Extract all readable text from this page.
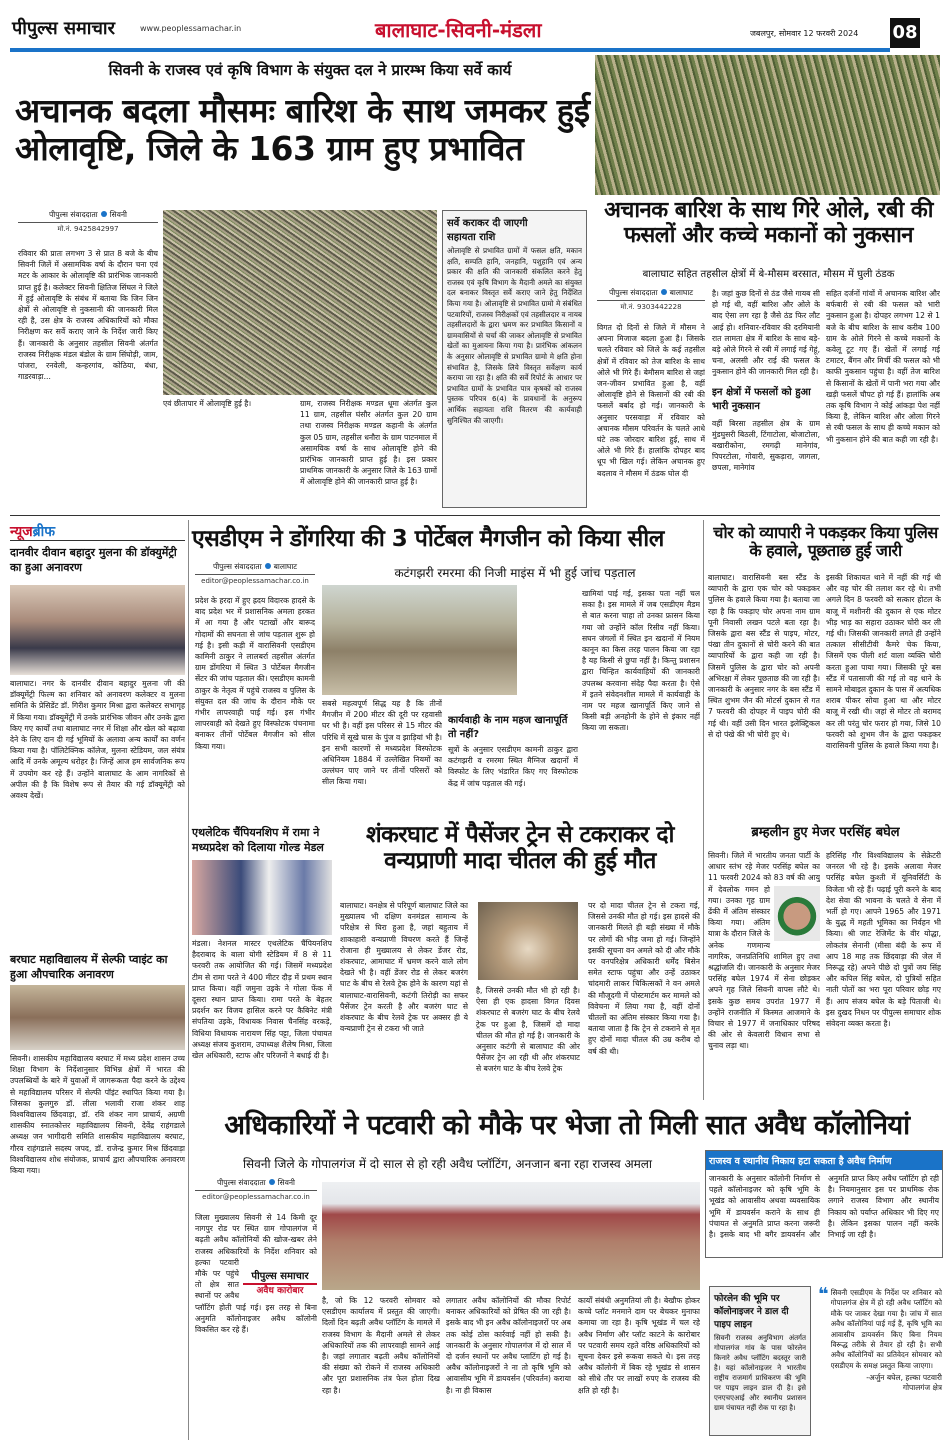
पीपुल्स समाचार	www.peoplessamachar.in	बालाघाट-सिवनी-मंडला	जबलपुर, सोमवार 12 फरवरी 2024 08
सिवनी के राजस्व एवं कृषि विभाग के संयुक्त दल ने प्रारम्भ किया सर्वे कार्य
अचानक बदला मौसमः बारिश के साथ जमकर हुई ओलावृष्टि, जिले के 163 ग्राम हुए प्रभावित
पीपुल्स संवाददाता सिवनी
मो.नं. 9425842997
रविवार की प्रातः लगभग 3 से प्रात 8 बजे के बीच सिवनी जिलें में असामयिक वर्षा के दौरान चना एवं मटर के आकार के ओलावृष्टि की प्रारंभिक जानकारी प्राप्त हुई है। कलेक्टर सिवनी क्षितिज सिंघल ने जिले में हुई ओलावृष्टि के संबंध में बताया कि जिन जिन क्षेत्रों से ओलावृष्टि से नुकसानी की जानकारी मिल रही है, उस क्षेत्र के राजस्व अधिकारियों को मौका निरीक्षण कर सर्वे कराए जाने के निर्देश जारी किए हैं। जानकारी के अनुसार तहसील सिवनी अंतर्गत राजस्व निरीक्षक मंडल बंडोल के ग्राम सिंघोड़ी, जाम, पांजरा, रनवेली, कन्हरगांव, कोठिया, बंधा, गाडरवाड़ा...
एवं छीतापार में ओलावृष्टि हुई है।	ग्राम, राजस्व निरीक्षक मण्डल धूमा अंतर्गत कुल 11 ग्राम, तहसील घंसौर अंतर्गत कुल 20 ग्राम तथा राजस्व निरीक्षक मण्डल कहानी के अंतर्गत कुल 05 ग्राम, तहसील धनौरा के ग्राम पाटनमाल में असामयिक वर्षा के साथ ओलावृष्टि होने की प्रारंभिक जानकारी प्राप्त हुई है। इस प्रकार प्राथमिक जानकारी के अनुसार जिले के 163 ग्रामों में ओलावृष्टि होने की जानकारी प्राप्त हुई है।
सर्वे कराकर दी जाएगी सहायता राशि
ओलावृष्टि से प्रभावित ग्रामों में फसल क्षति, मकान क्षति, सम्पति हानि, जनहानि, पशुहानि एवं अन्य प्रकार की क्षति की जानकारी संकलित करने हेतु राजस्व एवं कृषि विभाग के मैदानी अमले का संयुक्त दल बनाकर विस्तृत सर्वे कराए जाने हेतु निर्देशित किया गया है। ओलावृष्टि से प्रभावित ग्रामो मे संबंधित पटवारियों, राजस्व निरीक्षकों एवं तहसीलदार व नायब तहसीलदारों के द्वारा भ्रमण कर प्रभावित किसानों व ग्रामवासियों से चर्चा की जाकर ओलावृष्टि से प्रभावित खेतों का मुआयना किया गया है। प्रारंभिक आंकलन के अनुसार ओलावृष्टि से प्रभावित ग्रामो मे क्षति होना संभावित है, जिसके लिये विस्तृत सर्वेक्षण कार्य कराया जा रहा है। क्षति की सर्वे रिपोर्ट के आधार पर प्रभावित ग्रामों के प्रभावित पात्र कृषकों को राजस्व पुस्तक परिपत्र 6(4) के प्रावधानों के अनुरूप आर्थिक सहायता राशि वितरण की कार्यवाही सुनिश्चित की जाएगी।
अचानक बारिश के साथ गिरे ओले, रबी की फसलों और कच्चे मकानों को नुकसान
बालाघाट सहित तहसील क्षेत्रों में बे-मौसम बरसात, मौसम में घुली ठंडक
पीपुल्स संवाददाता बालाघाट
मो.नं. 9303442228
विगत दो दिनों से जिले में मौसम ने अपना मिजाज बदला हुआ है। जिसके चलते रविवार को जिले के कई तहसील क्षेत्रों में रविवार को तेज बारिश के साथ ओले भी गिरे हैं। बेमौसम बारिश से जहां जन-जीवन प्रभावित हुआ है, वहीं ओलावृष्टि होने से किसानों की रबी की फसलें बर्बाद हो गई। जानकारी के अनुसार परसवाड़ा में रविवार को अचानक मौसम परिवर्तन के चलते आधे घंटे तक जोरदार बारिश हुई, साथ में ओले भी गिरे हैं। हालांकि दोपहर बाद धूप भी खिल गई। लेकिन अचानक हुए बदलाव ने मौसम में ठंडक घोल दी
है। जहां कुछ दिनों से ठंड जैसे गायब सी हो गई थी, वहीं बारिश और ओले के बाद ऐसा लग रहा है जैसे ठंड फिर लौट आई हो। शनिवार-रविवार की दरमियानी रात लामता क्षेत्र में बारिश के साथ बड़े-बड़े ओले गिरने से रबी में लगाई गई गेहूं, चना, अलसी और राई की फसल के नुकसान होने की जानकारी मिल रही है।
इन क्षेत्रों में फसलों को हुआ भारी नुकसान
वहीं बिरसा तहसील क्षेत्र के ग्राम मुंडघुसरी बिठली, टिंगाटोला, बोजाटोला, बखारीकोना, रमगढ़ी मानेगांव, पिपरटोला, गोवारी, सुकड़ारा, जागला, छपला, मानेगांव
सहित दर्जनों गांवों में अचानक बारिश और बर्फबारी से रबी की फसल को भारी नुकसान हुआ है। दोपहर लगभग 12 से 1 बजे के बीच बारिश के साथ करीब 100 ग्राम के ओले गिरने से कच्चे मकानों के कवेलू टूट गए हैं। खेतों में लगाई गई टमाटर, बैंगन और मिर्ची की फसल को भी काफी नुकसान पहुंचा है। वहीं तेज बारिश से किसानों के खेतों में पानी भरा गया और खड़ी फसलें चौपट हो गई हैं। हालांकि अब तक कृषि विभाग ने कोई आंकड़ा पेश नहीं किया है, लेकिन बारिश और ओला गिरने से रबी फसल के साथ ही कच्चे मकान को भी नुकसान होने की बात कही जा रही है।
न्यूजब्रीफ
दानवीर दीवान बहादुर मुलना की डॉक्युमेंट्री का हुआ अनावरण
बालाघाट। नगर के दानवीर दीवान बहादुर मुलना जी की डॉक्यूमेंट्री फिल्म का शनिवार को अनावरण कलेक्टर व मुलना समिति के प्रेसिडेंट डॉ. गिरीश कुमार मिश्रा द्वारा कलेक्टर सभागृह में किया गया। डॉक्यूमेंट्री में उनके प्रारंभिक जीवन और उनके द्वारा किए गए कार्यों तथा बालाघाट नगर में शिक्षा और खेल को बढ़ावा देने के लिए दान दी गई भूमियों के अलावा अन्य कार्यों का वर्णन किया गया है। पॉलिटेक्निक कॉलेज, मुलना स्टेडियम, जल संयंत्र आदि में उनके अमूल्य धरोहर है। जिन्हें आज हम सार्वजनिक रूप में उपयोग कर रहे हैं। उन्होंने बालाघाट के आम नागरिकों से अपील की है कि विशेष रूप से तैयार की गई डॉक्यूमेंट्री को अवश्य देखें।
बरघाट महाविद्यालय में सेल्फी प्वाइंट का हुआ औपचारिक अनावरण
सिवनी। शासकीय महाविद्यालय बरघाट में मध्य प्रदेश शासन उच्च शिक्षा विभाग के निर्देशानुसार विभिन्न क्षेत्रों में भारत की उपलब्धियों के बारे में युवाओं में जागरूकता पैदा करने के उद्देश्य से महाविद्यालय परिसर में सेल्फी पॉइंट स्थापित किया गया है। जिसका कुलगुरु डॉ. लीला भलावी राजा शंकर शाह विश्वविद्यालय छिंदवाड़ा, डॉ. रवि शंकर नाग प्राचार्य, अग्रणी शासकीय स्नातकोत्तर महाविद्यालय सिवनी, देवेंद्र राहंगडाले अध्यक्ष जन भागीदारी समिति शासकीय महाविद्यालय बरघाट, गौरव राहंगडाले सदस्य जपद, डॉ. राजेन्द्र कुमार मिश्र छिंदवाड़ा विश्वविद्यालय शोध संयोजक, प्राचार्य द्वारा औपचारिक अनावरण किया गया।
एसडीएम ने डोंगरिया की 3 पोर्टेबल मैगजीन को किया सील
पीपुल्स संवाददाता बालाघाट
editor@peoplessamachar.co.in
कटंगझरी रमरमा की निजी माइंस में भी हुई जांच पड़ताल
प्रदेश के हरदा में हुए ह्रदय विदारक हादसे के बाद प्रदेश भर में प्रशासनिक अमला हरकत में आ गया है और पटाखों और बारूद गोदामों की सघनता से जांच पड़ताल शुरू हो गई है। इसी कड़ी में वारासिवनी एसडीएम कामिनी ठाकुर ने लालबर्रा तहसील अंतर्गत ग्राम डोंगरिया में स्थित 3 पोर्टेबल मैगजीन सेंटर की जांच पड़ताल की। एसडीएम कामनी ठाकुर के नेतृत्व में पहुंचे राजस्व व पुलिस के संयुक्त दल की जांच के दौरान मौके पर गंभीर लापरवाही पाई गई। इस गंभीर लापरवाही को देखते हुए विस्फोटक पंचनामा बनाकर तीनों पोर्टेबल मैगजीन को सील किया गया।
सबसे महत्वपूर्ण सिद्ध यह है कि तीनों मैगजीन में 200 मीटर की दूरी पर रहवासी घर भी है। वहीं इस परिसर से 15 मीटर की परिधि में सूखे घास के पुंज व झाड़ियां भी है। इन सभी कारणों से मध्यप्रदेश विस्फोटक अधिनियम 1884 में उल्लेखित नियमों का उल्लंघन पाए जाने पर तीनों परिसरों को सील किया गया।
कार्यवाही के नाम महज खानापूर्ति तो नहीं?
सूत्रों के अनुसार एसडीएम कामनी ठाकुर द्वारा कटंगझरी व रमरमा स्थित मैग्निज खदानों में विस्फोट के लिए भंडारित किए गए विस्फोटक केंद्र में जांच पड़ताल की गई।
खामियां पाई गई, इसका पता नहीं चल सका है। इस मामले में जब एसडीएम मैडम से बात करना चाहा तो उनका फ्रासन किया गया जो उन्होंने कॉल रिसीव नहीं किया। सघन जंगलों में स्थित इन खदानों में नियम कानून का किस तरह पालन किया जा रहा है यह किसी से छुपा नहीं है। किन्तु प्रशासन द्वारा चिन्हित कार्यवाहियों की जानकारी उपलब्ध करवाना संदेह पैदा करता है। ऐसे में इतने संवेदनशील मामले में कार्यवाही के नाम पर महज खानापूर्ति किए जाने से किसी बड़ी अनहोनी के होने से इंकार नहीं किया जा सकता।
एथलेटिक चैंपियनशिप में रामा ने मध्यप्रदेश को दिलाया गोल्ड मेडल
मंडला। नेशनल मास्टर एथलेटिक चैंपियनशिप हैदराबाद के बाला योगी स्टेडियम में 8 से 11 फरवरी तक आयोजित की गई। जिसमें मध्यप्रदेश टीम से रामा परते ने 400 मीटर दौड़ में प्रथम स्थान प्राप्त किया। वहीं जमुना उइके ने गोला फेंक में दूसरा स्थान प्राप्त किया। रामा परते के बेहतर प्रदर्शन कर विजय हासिल करने पर कैबिनेट मंत्री संपतिया उइके, विधायक निवास चैनसिंह वरकड़े, विधिया विधायक नारायण सिंह पट्टा, जिला पंचायत अध्यक्ष संजय कुशराम, उपाध्यक्ष शैलेष मिश्रा, जिला खेल अधिकारी, स्टाफ और परिजनों ने बधाई दी है।
शंकरघाट में पैसेंजर ट्रेन से टकराकर दो वन्यप्राणी मादा चीतल की हुई मौत
बालाघाट। वनक्षेत्र से परिपूर्ण बालाघाट जिले का मुख्यालय भी दक्षिण वनमंडल सामान्य के परिक्षेत्र से घिरा हुआ है, जहां बहुताय में शाकाहारी वन्यप्राणी विचरण करते हैं जिन्हें रोजाना ही मुख्यालय से लेकर डेंजर रोड, शंकरघाट, आमाघाट में भ्रमण करने वाले लोग देखते भी है। वहीं डेंजर रोड से लेकर बजरंग घाट के बीच से रेलवे ट्रेक होने के कारण यहां से बालाघाट-वारासिवनी, कटंगी तिरोड़ी का सफर पैसेंजर ट्रेन करती है और बजरंग घाट से शंकरघाट के बीच रेलवे ट्रेक पर अक्सर ही ये वन्यप्राणी ट्रेन से टकरा भी जाते
है, जिससे उनकी मौत भी हो रही है। ऐसा ही एक हादसा विगत दिवस शंकरघाट से बजरंग घाट के बीच रेलवे ट्रेक पर हुआ है, जिसमें दो मादा चीतल की मौत हो गई है। जानकारी के अनुसार कटंगी से बालाघाट की ओर पैसेंजर ट्रेन आ रही थी और शंकरघाट से बजरंग घाट के बीच रेलवे ट्रेक
पर दो मादा चीतल ट्रेन से टकरा गई, जिससे उनकी मौत हो गई। इस हादसे की जानकारी मिलते ही बड़ी संख्या में मौके पर लोगों की भीड़ जमा हो गई। जिन्होंने इसकी सूचना वन अमले को दी और मौके पर वनपरिक्षेत्र अधिकारी धर्मेंद बिसेन समेत स्टाफ पहुंचा और उन्हें उठाकर चांदमारी लाकर चिकित्सकों ने वन अमले की मौजूदगी में पोस्टमार्टम कर मामले को विवेचना में लिया गया है, वहीं दोनों चीतलों का अंतिम संस्कार किया गया है। बताया जाता है कि ट्रेन से टकराने से मृत हुए दोनों मादा चीतल की उम्र करीब दो वर्ष की थी।
चोर को व्यापारी ने पकड़कर किया पुलिस के हवाले, पूछताछ हुई जारी
बालाघाट। वारासिवनी बस स्टैंड के व्यापारी के द्वारा एक चोर को पकड़कर पुलिस के हवाले किया गया है। बताया जा रहा है कि पकड़ाए चोर अपना नाम ग्राम पूनी निवासी लखन पटले बता रहा है। जिसके द्वारा बस स्टैंड से पाइप, मोटर, पंखा तीन दुकानों से चोरी करने की बात व्यापारियों के द्वारा कही जा रही है। जिसमें पुलिस के द्वारा चोर को अपनी अभिरक्षा में लेकर पूछताछ की जा रही है। जानकारी के अनुसार नगर के बस स्टैंड में स्थित शुभम जैन की मोटर्स दुकान से गत 7 फरवरी की दोपहर में पाइप चोरी की गई थी। वहीं उसी दिन भारत इलेक्ट्रिकल से दो पंखे की भी चोरी हुए थे।
इसकी शिकायत थाने में नहीं की गई थी और वह चोर की तलाश कर रहे थे। तभी अगले दिन 8 फरवरी को सत्कार होटल के बाजू में मशीनरी की दुकान से एक मोटर भीड़ भाड़ का सहारा उठाकर चोरी कर ली गई थी। जिसकी जानकारी लगते ही उन्होंने तत्काल सीसीटीवी कैमरे चेक किया, जिसमें एक पीली शर्ट वाला व्यक्ति चोरी करता हुआ पाया गया। जिसकी पूरे बस स्टैंड में पतासाजी की गई तो वह थाने के सामने मोबाइल दुकान के पास में अत्यधिक शराब पीकर सोया हुआ था और मोटर बाजू में रखी थी। जहां से मोटर तो बरामद कर ली परंतु चोर फरार हो गया, जिसे 10 फरवरी को शुभम जैन के द्वारा पकड़कर वारासिवनी पुलिस के हवाले किया गया है।
ब्रम्हलीन हुए मेजर परसिंह बघेल
सिवनी। जिले में भारतीय जनता पार्टी के आधार स्तंभ रहे मेजर परसिंह बघेल का 11 फरवरी 2024 को 83 वर्ष की आयु में देवलोक गमन हो गया। उनका गृह ग्राम ढेंकी में अंतिम संस्कार किया गया। अंतिम यात्रा के दौरान जिले के अनेक गणमान्य नागरिक, जनप्रतिनिधि शामिल हुए तथा श्रद्धांजलि दी। जानकारी के अनुसार मेजर परसिंह बघेल 1974 में सेना छोड़कर अपने गृह जिले सिवनी वापस लौटे थे। इसके कुछ समय उपरांत 1977 में उन्होंने राजनीति में किस्मत आजमाने के विचार से 1977 में जनाधिकार परिषद की ओर से केवलारी विधान सभा से चुनाव लड़ा था।
हरिसिंह गौर विश्वविद्यालय के सेक्रेटरी जनरल भी रहे है। इसके अलावा मेजर परसिंह बघेल कुश्ती में यूनिवर्सिटी के विजेता भी रहे हैं। पढ़ाई पूरी करने के बाद देश सेवा की भावना के चलते वे सेना में भर्ती हो गए। आपने 1965 और 1971 के युद्ध में महती भूमिका का निर्वहन भी किया। श्री जाट रेजिमेंट के वीर योद्धा, लोकतंत्र सेनानी (मीसा बंदी के रूप में आप 18 माह तक छिंदवाड़ा की जेल में निरूद्ध रहे) अपने पीछे दो पुत्रों जय सिंह और कपिल सिंह बघेल, दो पुत्रियों सहित नाती पोतों का भरा पूरा परिवार छोड़ गए हैं। आप संजय बघेल के बड़े पिताजी थे। इस दुखद निधन पर पीपुल्स समाचार शोक संवेदना व्यक्त करता है।
अधिकारियों ने पटवारी को मौके पर भेजा तो मिली सात अवैध कॉलोनियां
सिवनी जिले के गोपालगंज में दो साल से हो रही अवैध प्लॉटिंग, अनजान बना रहा राजस्व अमला
पीपुल्स संवाददाता सिवनी
editor@peoplessamachar.co.in
पीपुल्स समाचार
अवैध कारोबार
जिला मुख्यालय सिवनी से 14 किमी दूर नागपुर रोड पर स्थित ग्राम गोपालगंज में बढ़ती अवैध कॉलोनियों की खोज-खबर लेने राजस्व अधिकारियों के निर्देश शनिवार को हल्का पटवारी मौके पर पहुंचे तो क्षेत्र सात स्थानों पर अवैध प्लॉटिंग होती पाई गई। इस तरह से बिना अनुमति कॉलोनाइजर अवैध कॉलोनी विकसित कर रहे हैं।
है, जो कि 12 फरवरी सोमवार को एसडीएम कार्यालय में प्रस्तुत की जाएगी। दिलों दिन बढ़ती अवैध प्लॉटिंग के मामले में राजस्व विभाग के मैदानी अमले से लेकर अधिकारियों तक की लापरवाही सामने आई है। जहां लगातार बढ़ती अवैध कॉलोनियों की संख्या को रोकने में राजस्व अधिकारी और पूरा प्रशासनिक तंत्र फेल होता दिख रहा है।
लगातार अवैध कॉलोनियों की मौका रिपोर्ट बनाकर अधिकारियों को प्रेषित की जा रही है। इसके बाद भी इन अवैध कॉलोनाइजरों पर अब तक कोई ठोस कार्रवाई नहीं हो सकी है। जानकारी के अनुसार गोपालगंज में दो साल में दो दर्जन स्थानों पर अवैध प्लाटिंग हो गई है। अवैध कॉलोनाइजरों ने ना तो कृषि भूमि को आवासीय भूमि में डायवर्सन (परिवर्तन) कराया है। ना ही विकास
कार्यों संबंधी अनुमतियां ली है। बेखौफ होकर कच्चे प्लॉट मनमाने दाम पर बेचकर मुनाफा कमाया जा रहा है। कृषि भूखंड में चल रहे अवैध निर्माण और प्लॉट काटने के कारोबार पर पटवारी समय रहते वरिष्ठ अधिकारियों को सूचना देकर इसे रूकवा सकते थे। इस तरह अवैध कॉलोनी में बिक रहे भूखंड से शासन को सीधे तौर पर लाखों रुपए के राजस्व की क्षति हो रही है।
राजस्व व स्थानीय निकाय हटा सकता है अवैध निर्माण
जानकारी के अनुसार कॉलोनी निर्माण से पहले कॉलोनाइजर को कृषि भूमि के भूखंड को आवासीय अथवा व्यवसायिक भूमि में डायवर्सन कराने के साथ ही पंचायत से अनुमति प्राप्त करना जरूरी है। इसके बाद भी बगैर डायवर्सन और अनुमति प्राप्त किए अवैध प्लॉटिंग हो रही है। नियमानुसार इस पर प्राथमिक रोक लगाने राजस्व विभाग और स्थानीय निकाय को पर्याप्त अधिकार भी दिए गए है। लेकिन इसका पालन नहीं करके निभाई जा रही है।
फोरलेन की भूमि पर कॉलोनाइजर ने डाल दी पाइप लाइन
सिवनी राजस्व अनुविभाग अंतर्गत गोपालगंज गांव के पास फोरलेन किनारे अवैध प्लॉटिंग बदस्तूर जारी है। यहां कॉलोनाइजर ने भारतीय राष्ट्रीय राजमार्ग प्राधिकरण की भूमि पर पाइप लाइन डाल दी है। इसे एनएचएआई और स्थानीय प्रशासन ग्राम पंचायत नहीं रोक पा रहा है।
❝ सिवनी एसडीएम के निर्देश पर शनिवार को गोपालगंज क्षेत्र में हो रही अवैध प्लॉटिंग को मौके पर जाकर देखा गया है। जांच में सात अवैध कॉलोनियां पाई गई हैं, कृषि भूमि का आवासीय डायवर्सन किए बिना नियम विरूद्ध तरीके से तैयार हो रही है। सभी अवैध कॉलोनियों का प्रतिवेदन सोमवार को एसडीएम के समक्ष प्रस्तुत किया जाएगा।
-अर्जुन बघेल, हल्का पटवारी
गोपालगंज क्षेत्र
